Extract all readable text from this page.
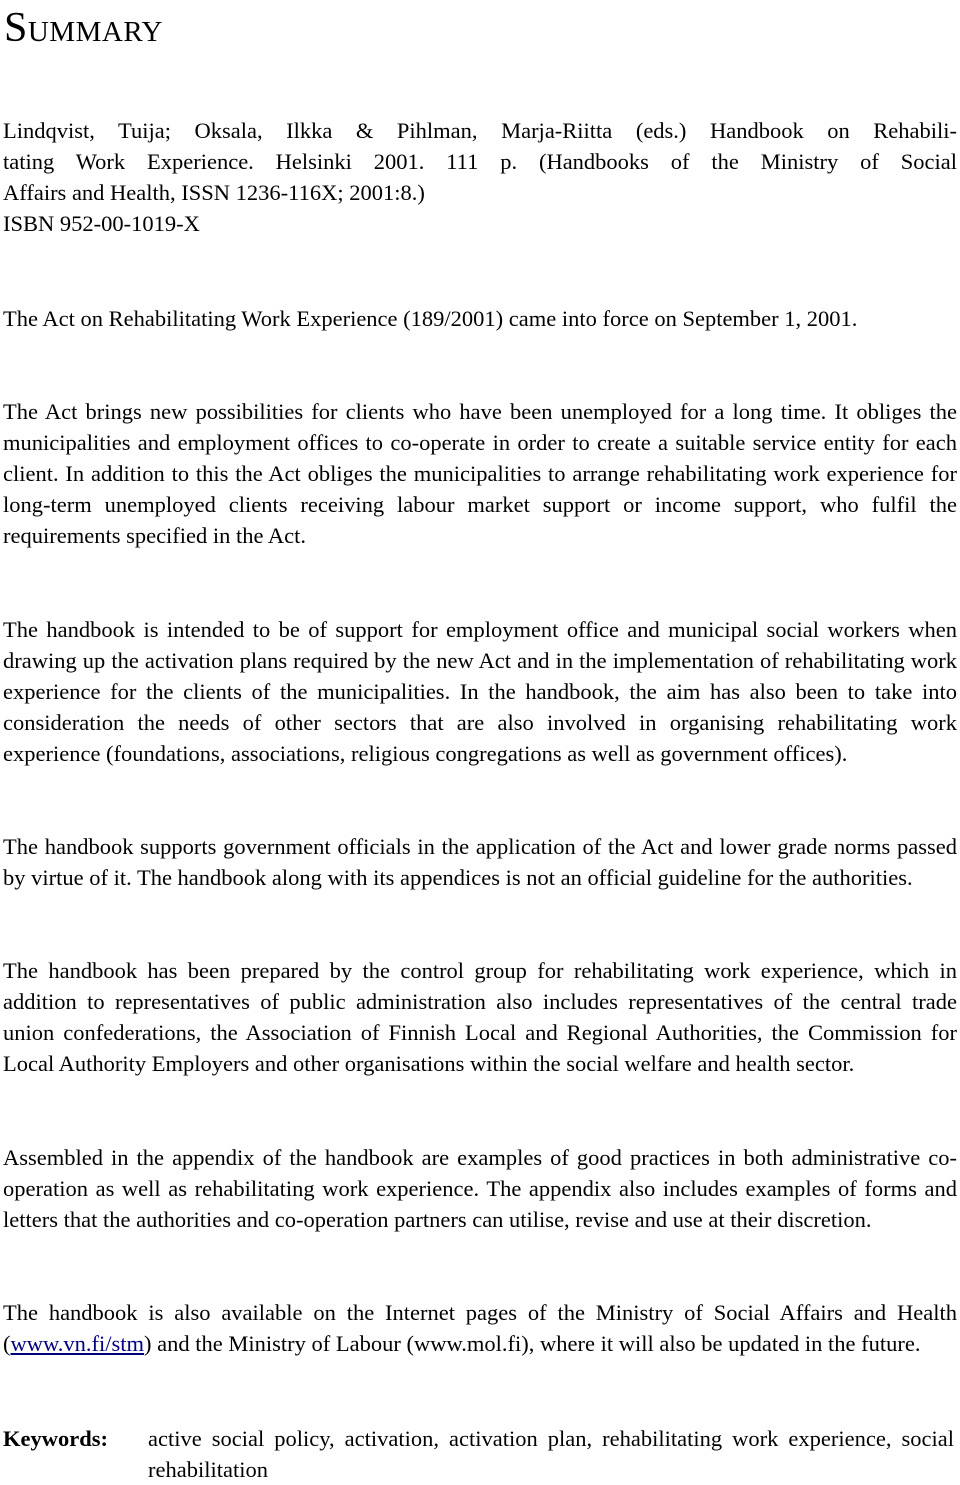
Summary
Lindqvist, Tuija; Oksala, Ilkka & Pihlman, Marja-Riitta (eds.) Handbook on Rehabili-
tating Work Experience. Helsinki 2001. 111 p. (Handbooks of the Ministry of Social
Affairs and Health, ISSN 1236-116X; 2001:8.)
ISBN 952-00-1019-X

The Act on Rehabilitating Work Experience (189/2001) came into force on September 1, 2001.

The Act brings new possibilities for clients who have been unemployed for a long time. It obliges the municipalities and employment offices to co-operate in order to create a suitable service entity for each client. In addition to this the Act obliges the municipalities to arrange rehabilitating work experience for long-term unemployed clients receiving labour market support or income support, who fulfil the requirements specified in the Act.

The handbook is intended to be of support for employment office and municipal social workers when drawing up the activation plans required by the new Act and in the implementation of rehabilitating work experience for the clients of the municipalities. In the handbook, the aim has also been to take into consideration the needs of other sectors that are also involved in organising rehabilitating work experience (foundations, associations, religious congregations as well as government offices).

The handbook supports government officials in the application of the Act and lower grade norms passed by virtue of it. The handbook along with its appendices is not an official guideline for the authorities.

The handbook has been prepared by the control group for rehabilitating work experience, which in addition to representatives of public administration also includes representatives of the central trade union confederations, the Association of Finnish Local and Regional Authorities, the Commission for Local Authority Employers and other organisations within the social welfare and health sector.

Assembled in the appendix of the handbook are examples of good practices in both administrative co-operation as well as rehabilitating work experience. The appendix also includes examples of forms and letters that the authorities and co-operation partners can utilise, revise and use at their discretion.

The handbook is also available on the Internet pages of the Ministry of Social Affairs and Health (www.vn.fi/stm) and the Ministry of Labour (www.mol.fi), where it will also be updated in the future.

Keywords: active social policy, activation, activation plan, rehabilitating work experience, social rehabilitation
